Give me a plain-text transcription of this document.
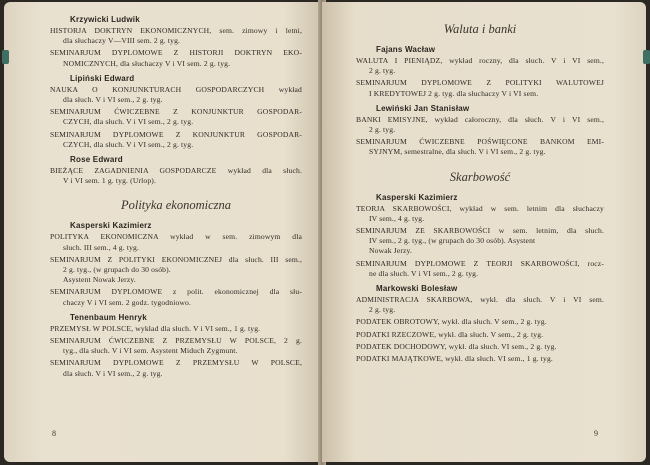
Krzywicki Ludwik
HISTORJA DOKTRYN EKONOMICZNYCH, sem. zimowy i letni,
dla słuchaczy V—VIII sem. 2 g. tyg.
SEMINARJUM DYPLOMOWE Z HISTORJI DOKTRYN EKO-
NOMICZNYCH, dla słuchaczy V i VI sem. 2 g. tyg.
Lipiński Edward
NAUKA O KONJUNKTURACH GOSPODARCZYCH wykład
dla słuch. V i VI sem., 2 g. tyg.
SEMINARJUM ĆWICZEBNE Z KONJUNKTUR GOSPODAR-
CZYCH, dla słuch. V i VI sem., 2 g. tyg.
SEMINARJUM DYPLOMOWE Z KONJUNKTUR GOSPODAR-
CZYCH, dla słuch. V i VI sem., 2 g. tyg.
Rose Edward
BIEŻĄCE ZAGADNIENIA GOSPODARCZE wykład dla słuch.
V i VI sem. 1 g. tyg. (Urlop).
Polityka ekonomiczna
Kasperski Kazimierz
POLITYKA EKONOMICZNA wykład w sem. zimowym dla
słuch. III sem., 4 g. tyg.
SEMINARJUM Z POLITYKI EKONOMICZNEJ dla słuch. III sem.,
2 g. tyg., (w grupach do 30 osób).
Asystent Nowak Jerzy.
SEMINARJUM DYPLOMOWE z polit. ekonomicznej dla słu-
chaczy V i VI sem. 2 godz. tygodniowo.
Tenenbaum Henryk
PRZEMYSŁ W POLSCE, wykład dla słuch. V i VI sem., 1 g. tyg.
SEMINARJUM ĆWICZEBNE Z PRZEMYSŁU W POLSCE, 2 g.
tyg., dla słuch. V i VI sem. Asystent Miduch Zygmunt.
SEMINARJUM DYPLOMOWE Z PRZEMYSŁU W POLSCE,
dla słuch. V i VI sem., 2 g. tyg.
8
Waluta i banki
Fajans Wacław
WALUTA I PIENIĄDZ, wykład roczny, dla słuch. V i VI sem.,
2 g. tyg.
SEMINARJUM DYPLOMOWE Z POLITYKI WALUTOWEJ
I KREDYTOWEJ 2 g. tyg. dla słuchaczy V i VI sem.
Lewiński Jan Stanisław
BANKI EMISYJNE, wykład całoroczny, dla słuch. V i VI sem.,
2 g. tyg.
SEMINARJUM ĆWICZEBNE POŚWIĘCONE BANKOM EMI-
SYJNYM, semestralne, dla słuch. V i VI sem., 2 g. tyg.
Skarbowość
Kasperski Kazimierz
TEORJA SKARBOWOŚCI, wykład w sem. letnim dla słuchaczy
IV sem., 4 g. tyg.
SEMINARJUM ZE SKARBOWOŚCI w sem. letnim, dla słuch.
IV sem., 2 g. tyg., (w grupach do 30 osób). Asystent
Nowak Jerzy.
SEMINARJUM DYPLOMOWE Z TEORJI SKARBOWOŚCI, rocz-
ne dla słuch. V i VI sem., 2 g. tyg.
Markowski Bolesław
ADMINISTRACJA SKARBOWA, wykł. dla słuch. V i VI sem.
2 g. tyg.
PODATEK OBROTOWY, wykł. dla słuch. V sem., 2 g. tyg.
PODATKI RZECZOWE, wykł. dla słuch. V sem., 2 g. tyg.
PODATEK DOCHODOWY, wykł. dla słuch. VI sem., 2 g. tyg.
PODATKI MAJĄTKOWE, wykł. dla słuch. VI sem., 1 g. tyg.
9
